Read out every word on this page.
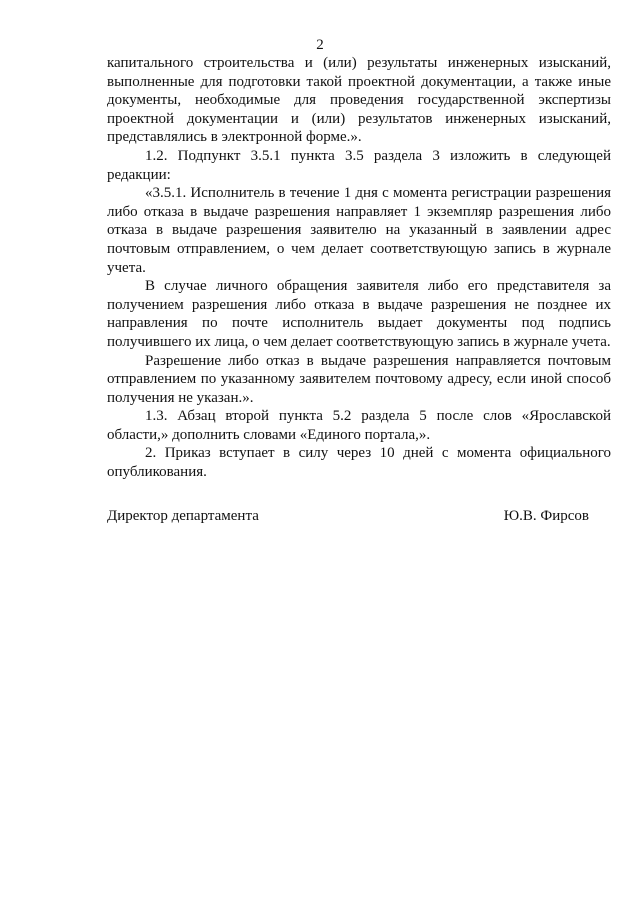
2

капитального строительства и (или) результаты инженерных изысканий, выполненные для подготовки такой проектной документации, а также иные документы, необходимые для проведения государственной экспертизы проектной документации и (или) результатов инженерных изысканий, представлялись в электронной форме.».

1.2. Подпункт 3.5.1 пункта 3.5 раздела 3 изложить в следующей редакции:

«3.5.1. Исполнитель в течение 1 дня с момента регистрации разрешения либо отказа в выдаче разрешения направляет 1 экземпляр разрешения либо отказа в выдаче разрешения заявителю на указанный в заявлении адрес почтовым отправлением, о чем делает соответствующую запись в журнале учета.

В случае личного обращения заявителя либо его представителя за получением разрешения либо отказа в выдаче разрешения не позднее их направления по почте исполнитель выдает документы под подпись получившего их лица, о чем делает соответствующую запись в журнале учета.

Разрешение либо отказ в выдаче разрешения направляется почтовым отправлением по указанному заявителем почтовому адресу, если иной способ получения не указан.».

1.3. Абзац второй пункта 5.2 раздела 5 после слов «Ярославской области,» дополнить словами «Единого портала,».

2. Приказ вступает в силу через 10 дней с момента официального опубликования.

Директор департамента	Ю.В. Фирсов
